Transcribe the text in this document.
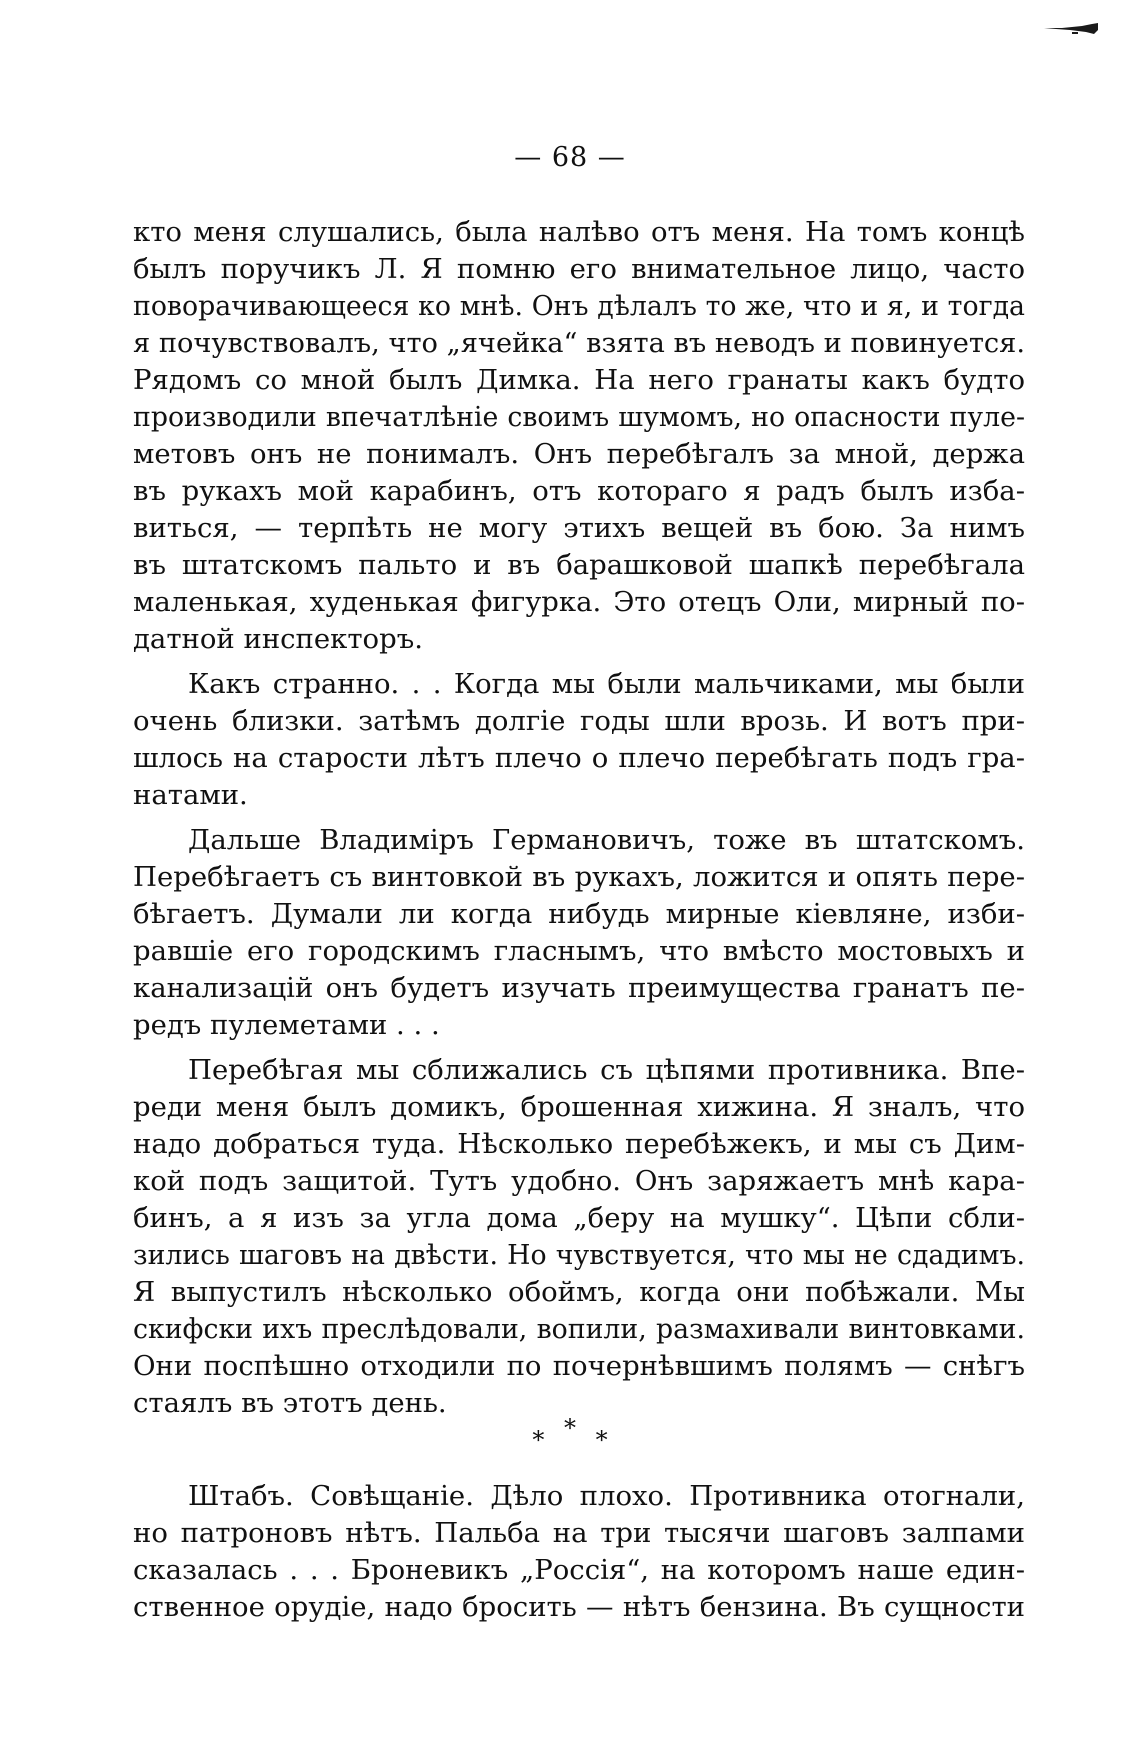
— 68 —

кто меня слушались, была налѣво отъ меня. На томъ концѣ
былъ поручикъ Л. Я помню его внимательное лицо, часто
поворачивающееся ко мнѣ. Онъ дѣлалъ то же, что и я, и тогда
я почувствовалъ, что „ячейка“ взята въ неводъ и повинуется.
Рядомъ со мной былъ Димка. На него гранаты какъ будто
производили впечатлѣніе своимъ шумомъ, но опасности пуле-
метовъ онъ не понималъ. Онъ перебѣгалъ за мной, держа
въ рукахъ мой карабинъ, отъ котораго я радъ былъ изба-
виться, — терпѣть не могу этихъ вещей въ бою. За нимъ
въ штатскомъ пальто и въ барашковой шапкѣ перебѣгала
маленькая, худенькая фигурка. Это отецъ Оли, мирный по-
датной инспекторъ.

Какъ странно. . . Когда мы были мальчиками, мы были
очень близки. затѣмъ долгіе годы шли врозь. И вотъ при-
шлось на старости лѣтъ плечо о плечо перебѣгать подъ гра-
натами.

Дальше Владиміръ Германовичъ, тоже въ штатскомъ.
Перебѣгаетъ съ винтовкой въ рукахъ, ложится и опять пере-
бѣгаетъ. Думали ли когда нибудь мирные кіевляне, изби-
равшіе его городскимъ гласнымъ, что вмѣсто мостовыхъ и
канализацій онъ будетъ изучать преимущества гранатъ пе-
редъ пулеметами . . .

Перебѣгая мы сближались съ цѣпями противника. Впе-
реди меня былъ домикъ, брошенная хижина. Я зналъ, что
надо добраться туда. Нѣсколько перебѣжекъ, и мы съ Дим-
кой подъ защитой. Тутъ удобно. Онъ заряжаетъ мнѣ кара-
бинъ, а я изъ за угла дома „беру на мушку“. Цѣпи сбли-
зились шаговъ на двѣсти. Но чувствуется, что мы не сдадимъ.
Я выпустилъ нѣсколько обоймъ, когда они побѣжали. Мы
скифски ихъ преслѣдовали, вопили, размахивали винтовками.
Они поспѣшно отходили по почернѣвшимъ полямъ — снѣгъ
стаялъ въ этотъ день.

* * *

Штабъ. Совѣщаніе. Дѣло плохо. Противника отогнали,
но патроновъ нѣтъ. Пальба на три тысячи шаговъ залпами
сказалась . . . Броневикъ „Россія“, на которомъ наше един-
ственное орудіе, надо бросить — нѣтъ бензина. Въ сущности
